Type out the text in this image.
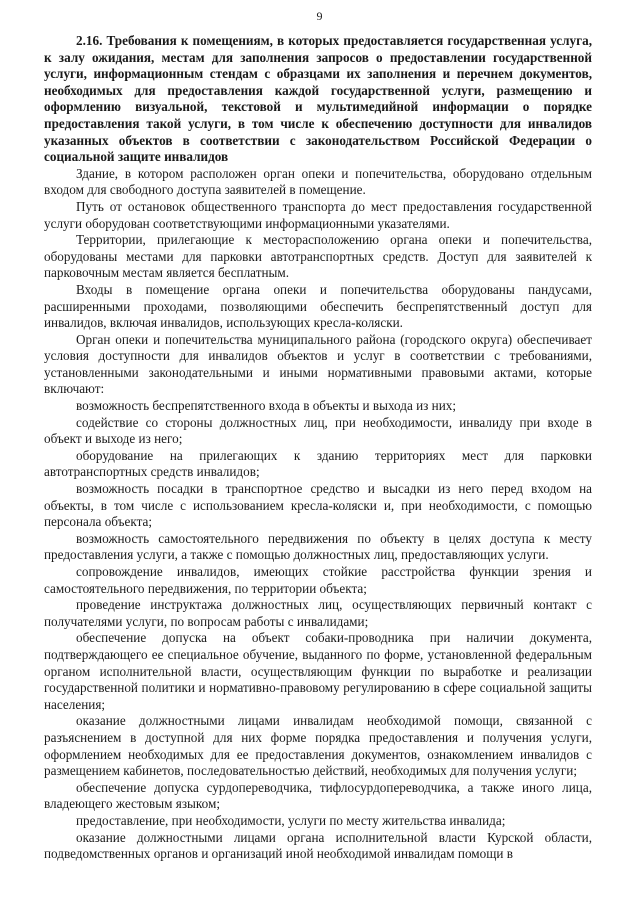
9

2.16. Требования к помещениям, в которых предоставляется государственная услуга, к залу ожидания, местам для заполнения запросов о предоставлении государственной услуги, информационным стендам с образцами их заполнения и перечнем документов, необходимых для предоставления каждой государственной услуги, размещению и оформлению визуальной, текстовой и мультимедийной информации о порядке предоставления такой услуги, в том числе к обеспечению доступности для инвалидов указанных объектов в соответствии с законодательством Российской Федерации о социальной защите инвалидов

Здание, в котором расположен орган опеки и попечительства, оборудовано отдельным входом для свободного доступа заявителей в помещение.

Путь от остановок общественного транспорта до мест предоставления государственной услуги оборудован соответствующими информационными указателями.

Территории, прилегающие к месторасположению органа опеки и попечительства, оборудованы местами для парковки автотранспортных средств. Доступ для заявителей к парковочным местам является бесплатным.

Входы в помещение органа опеки и попечительства оборудованы пандусами, расширенными проходами, позволяющими обеспечить беспрепятственный доступ для инвалидов, включая инвалидов, использующих кресла-коляски.

Орган опеки и попечительства муниципального района (городского округа) обеспечивает условия доступности для инвалидов объектов и услуг в соответствии с требованиями, установленными законодательными и иными нормативными правовыми актами, которые включают:

возможность беспрепятственного входа в объекты и выхода из них;

содействие со стороны должностных лиц, при необходимости, инвалиду при входе в объект и выходе из него;

оборудование на прилегающих к зданию территориях мест для парковки автотранспортных средств инвалидов;

возможность посадки в транспортное средство и высадки из него перед входом на объекты, в том числе с использованием кресла-коляски и, при необходимости, с помощью персонала объекта;

возможность самостоятельного передвижения по объекту в целях доступа к месту предоставления услуги, а также с помощью должностных лиц, предоставляющих услуги.

сопровождение инвалидов, имеющих стойкие расстройства функции зрения и самостоятельного передвижения, по территории объекта;

проведение инструктажа должностных лиц, осуществляющих первичный контакт с получателями услуги, по вопросам работы с инвалидами;

обеспечение допуска на объект собаки-проводника при наличии документа, подтверждающего ее специальное обучение, выданного по форме, установленной федеральным органом исполнительной власти, осуществляющим функции по выработке и реализации государственной политики и нормативно-правовому регулированию в сфере социальной защиты населения;

оказание должностными лицами инвалидам необходимой помощи, связанной с разъяснением в доступной для них форме порядка предоставления и получения услуги, оформлением необходимых для ее предоставления документов, ознакомлением инвалидов с размещением кабинетов, последовательностью действий, необходимых для получения услуги;

обеспечение допуска сурдопереводчика, тифлосурдопереводчика, а также иного лица, владеющего жестовым языком;

предоставление, при необходимости, услуги по месту жительства инвалида;

оказание должностными лицами органа исполнительной власти Курской области, подведомственных органов и организаций иной необходимой инвалидам помощи в
